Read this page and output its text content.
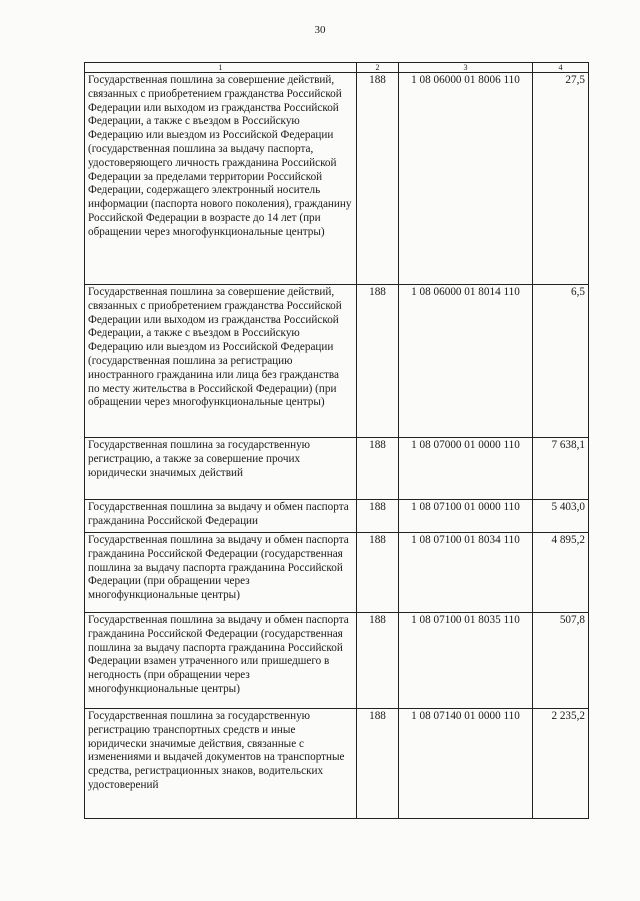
30
1	2	3	4
Государственная пошлина за совершение действий, связанных с приобретением гражданства Российской Федерации или выходом из гражданства Российской Федерации, а также с въездом в Российскую Федерацию или выездом из Российской Федерации (государственная пошлина за выдачу паспорта, удостоверяющего личность гражданина Российской Федерации за пределами территории Российской Федерации, содержащего электронный носитель информации (паспорта нового поколения), гражданину Российской Федерации в возрасте до 14 лет (при обращении через многофункциональные центры)	188	1 08 06000 01 8006 110	27,5
Государственная пошлина за совершение действий, связанных с приобретением гражданства Российской Федерации или выходом из гражданства Российской Федерации, а также с въездом в Российскую Федерацию или выездом из Российской Федерации (государственная пошлина за регистрацию иностранного гражданина или лица без гражданства по месту жительства в Российской Федерации) (при обращении через многофункциональные центры)	188	1 08 06000 01 8014 110	6,5
Государственная пошлина за государственную регистрацию, а также за совершение прочих юридически значимых действий	188	1 08 07000 01 0000 110	7 638,1
Государственная пошлина за выдачу и обмен паспорта гражданина Российской Федерации	188	1 08 07100 01 0000 110	5 403,0
Государственная пошлина за выдачу и обмен паспорта гражданина Российской Федерации (государственная пошлина за выдачу паспорта гражданина Российской Федерации (при обращении через многофункциональные центры)	188	1 08 07100 01 8034 110	4 895,2
Государственная пошлина за выдачу и обмен паспорта гражданина Российской Федерации (государственная пошлина за выдачу паспорта гражданина Российской Федерации взамен утраченного или пришедшего в негодность (при обращении через многофункциональные центры)	188	1 08 07100 01 8035 110	507,8
Государственная пошлина за государственную регистрацию транспортных средств и иные юридически значимые действия, связанные с изменениями и выдачей документов на транспортные средства, регистрационных знаков, водительских удостоверений	188	1 08 07140 01 0000 110	2 235,2
